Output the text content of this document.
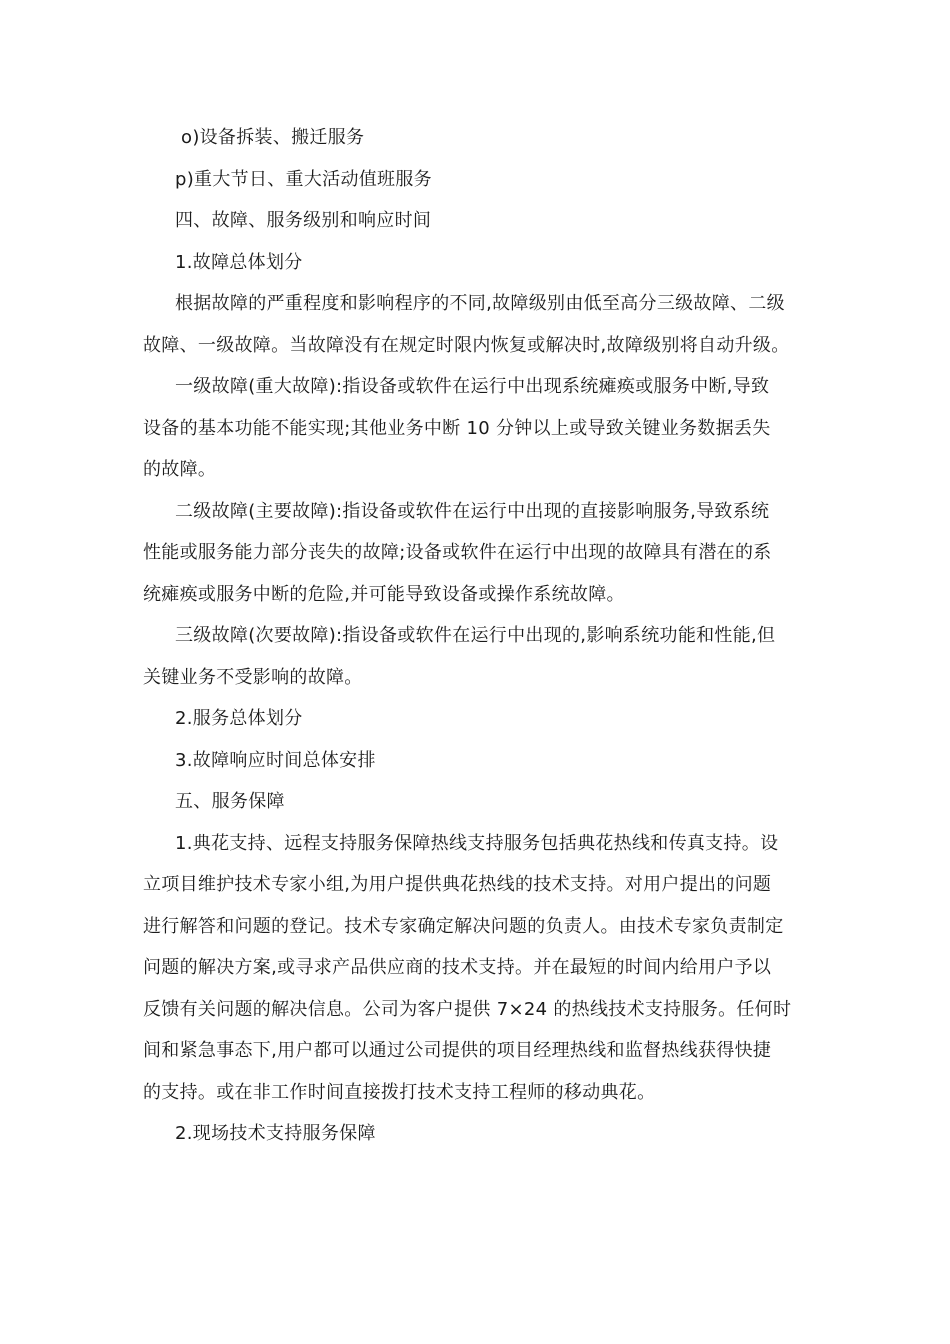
o)设备拆装、搬迁服务

p)重大节日、重大活动值班服务

四、故障、服务级别和响应时间

1.故障总体划分

根据故障的严重程度和影响程序的不同,故障级别由低至高分三级故障、二级

故障、一级故障。当故障没有在规定时限内恢复或解决时,故障级别将自动升级。

一级故障(重大故障):指设备或软件在运行中出现系统瘫痪或服务中断,导致

设备的基本功能不能实现;其他业务中断 10 分钟以上或导致关键业务数据丢失

的故障。

二级故障(主要故障):指设备或软件在运行中出现的直接影响服务,导致系统

性能或服务能力部分丧失的故障;设备或软件在运行中出现的故障具有潜在的系

统瘫痪或服务中断的危险,并可能导致设备或操作系统故障。

三级故障(次要故障):指设备或软件在运行中出现的,影响系统功能和性能,但

关键业务不受影响的故障。

2.服务总体划分

3.故障响应时间总体安排

五、服务保障

1.典花支持、远程支持服务保障热线支持服务包括典花热线和传真支持。设

立项目维护技术专家小组,为用户提供典花热线的技术支持。对用户提出的问题

进行解答和问题的登记。技术专家确定解决问题的负责人。由技术专家负责制定

问题的解决方案,或寻求产品供应商的技术支持。并在最短的时间内给用户予以

反馈有关问题的解决信息。公司为客户提供 7×24 的热线技术支持服务。任何时

间和紧急事态下,用户都可以通过公司提供的项目经理热线和监督热线获得快捷

的支持。或在非工作时间直接拨打技术支持工程师的移动典花。

2.现场技术支持服务保障
